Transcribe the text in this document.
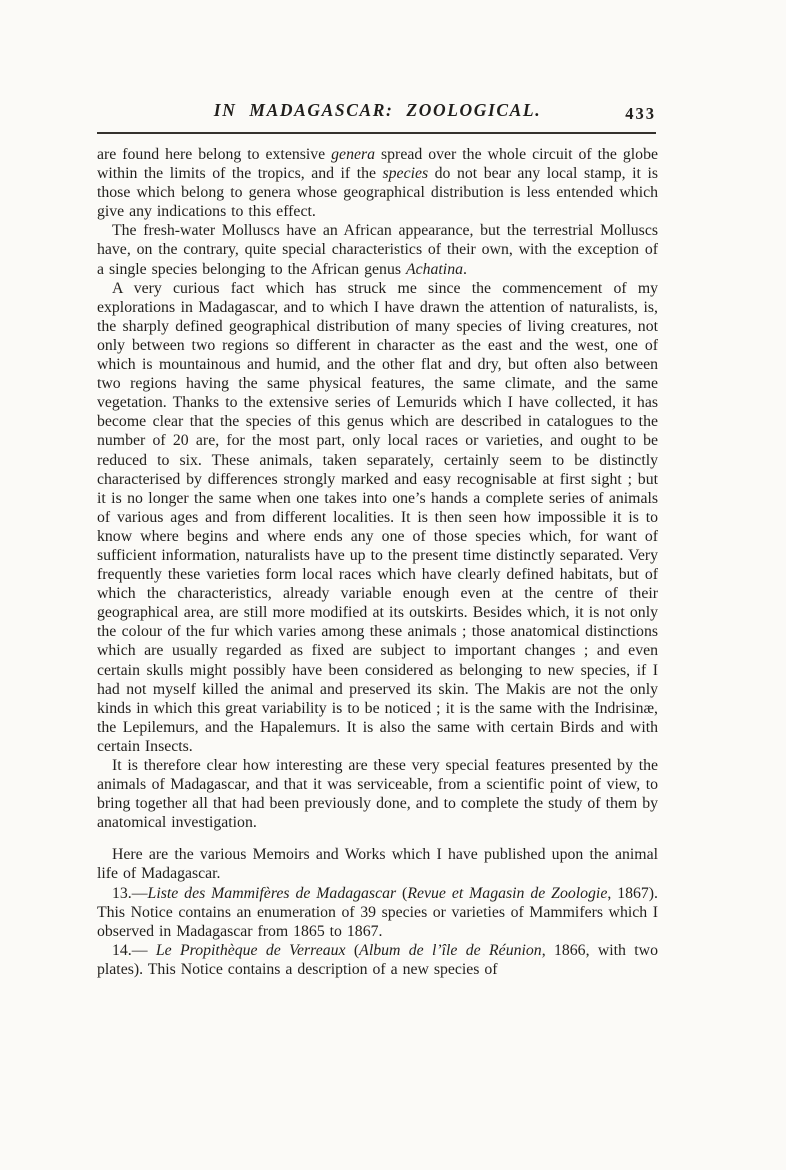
IN MADAGASCAR: ZOOLOGICAL.	433

are found here belong to extensive genera spread over the whole circuit of the globe within the limits of the tropics, and if the species do not bear any local stamp, it is those which belong to genera whose geographical distribution is less entended which give any indications to this effect.

The fresh-water Molluscs have an African appearance, but the terrestrial Molluscs have, on the contrary, quite special characteristics of their own, with the exception of a single species belonging to the African genus Achatina.

A very curious fact which has struck me since the commencement of my explorations in Madagascar, and to which I have drawn the attention of naturalists, is, the sharply defined geographical distribution of many species of living creatures, not only between two regions so different in character as the east and the west, one of which is mountainous and humid, and the other flat and dry, but often also between two regions having the same physical features, the same climate, and the same vegetation. Thanks to the extensive series of Lemurids which I have collected, it has become clear that the species of this genus which are described in catalogues to the number of 20 are, for the most part, only local races or varieties, and ought to be reduced to six. These animals, taken separately, certainly seem to be distinctly characterised by differences strongly marked and easy recognisable at first sight ; but it is no longer the same when one takes into one’s hands a complete series of animals of various ages and from different localities. It is then seen how impossible it is to know where begins and where ends any one of those species which, for want of sufficient information, naturalists have up to the present time distinctly separated. Very frequently these varieties form local races which have clearly defined habitats, but of which the characteristics, already variable enough even at the centre of their geographical area, are still more modified at its outskirts. Besides which, it is not only the colour of the fur which varies among these animals ; those anatomical distinctions which are usually regarded as fixed are subject to important changes ; and even certain skulls might possibly have been considered as belonging to new species, if I had not myself killed the animal and preserved its skin. The Makis are not the only kinds in which this great variability is to be noticed ; it is the same with the Indrisinæ, the Lepilemurs, and the Hapalemurs. It is also the same with certain Birds and with certain Insects.

It is therefore clear how interesting are these very special features presented by the animals of Madagascar, and that it was serviceable, from a scientific point of view, to bring together all that had been previously done, and to complete the study of them by anatomical investigation.

Here are the various Memoirs and Works which I have published upon the animal life of Madagascar.

13.—Liste des Mammifères de Madagascar (Revue et Magasin de Zoologie, 1867). This Notice contains an enumeration of 39 species or varieties of Mammifers which I observed in Madagascar from 1865 to 1867.

14.— Le Propithèque de Verreaux (Album de l’île de Réunion, 1866, with two plates). This Notice contains a description of a new species of
